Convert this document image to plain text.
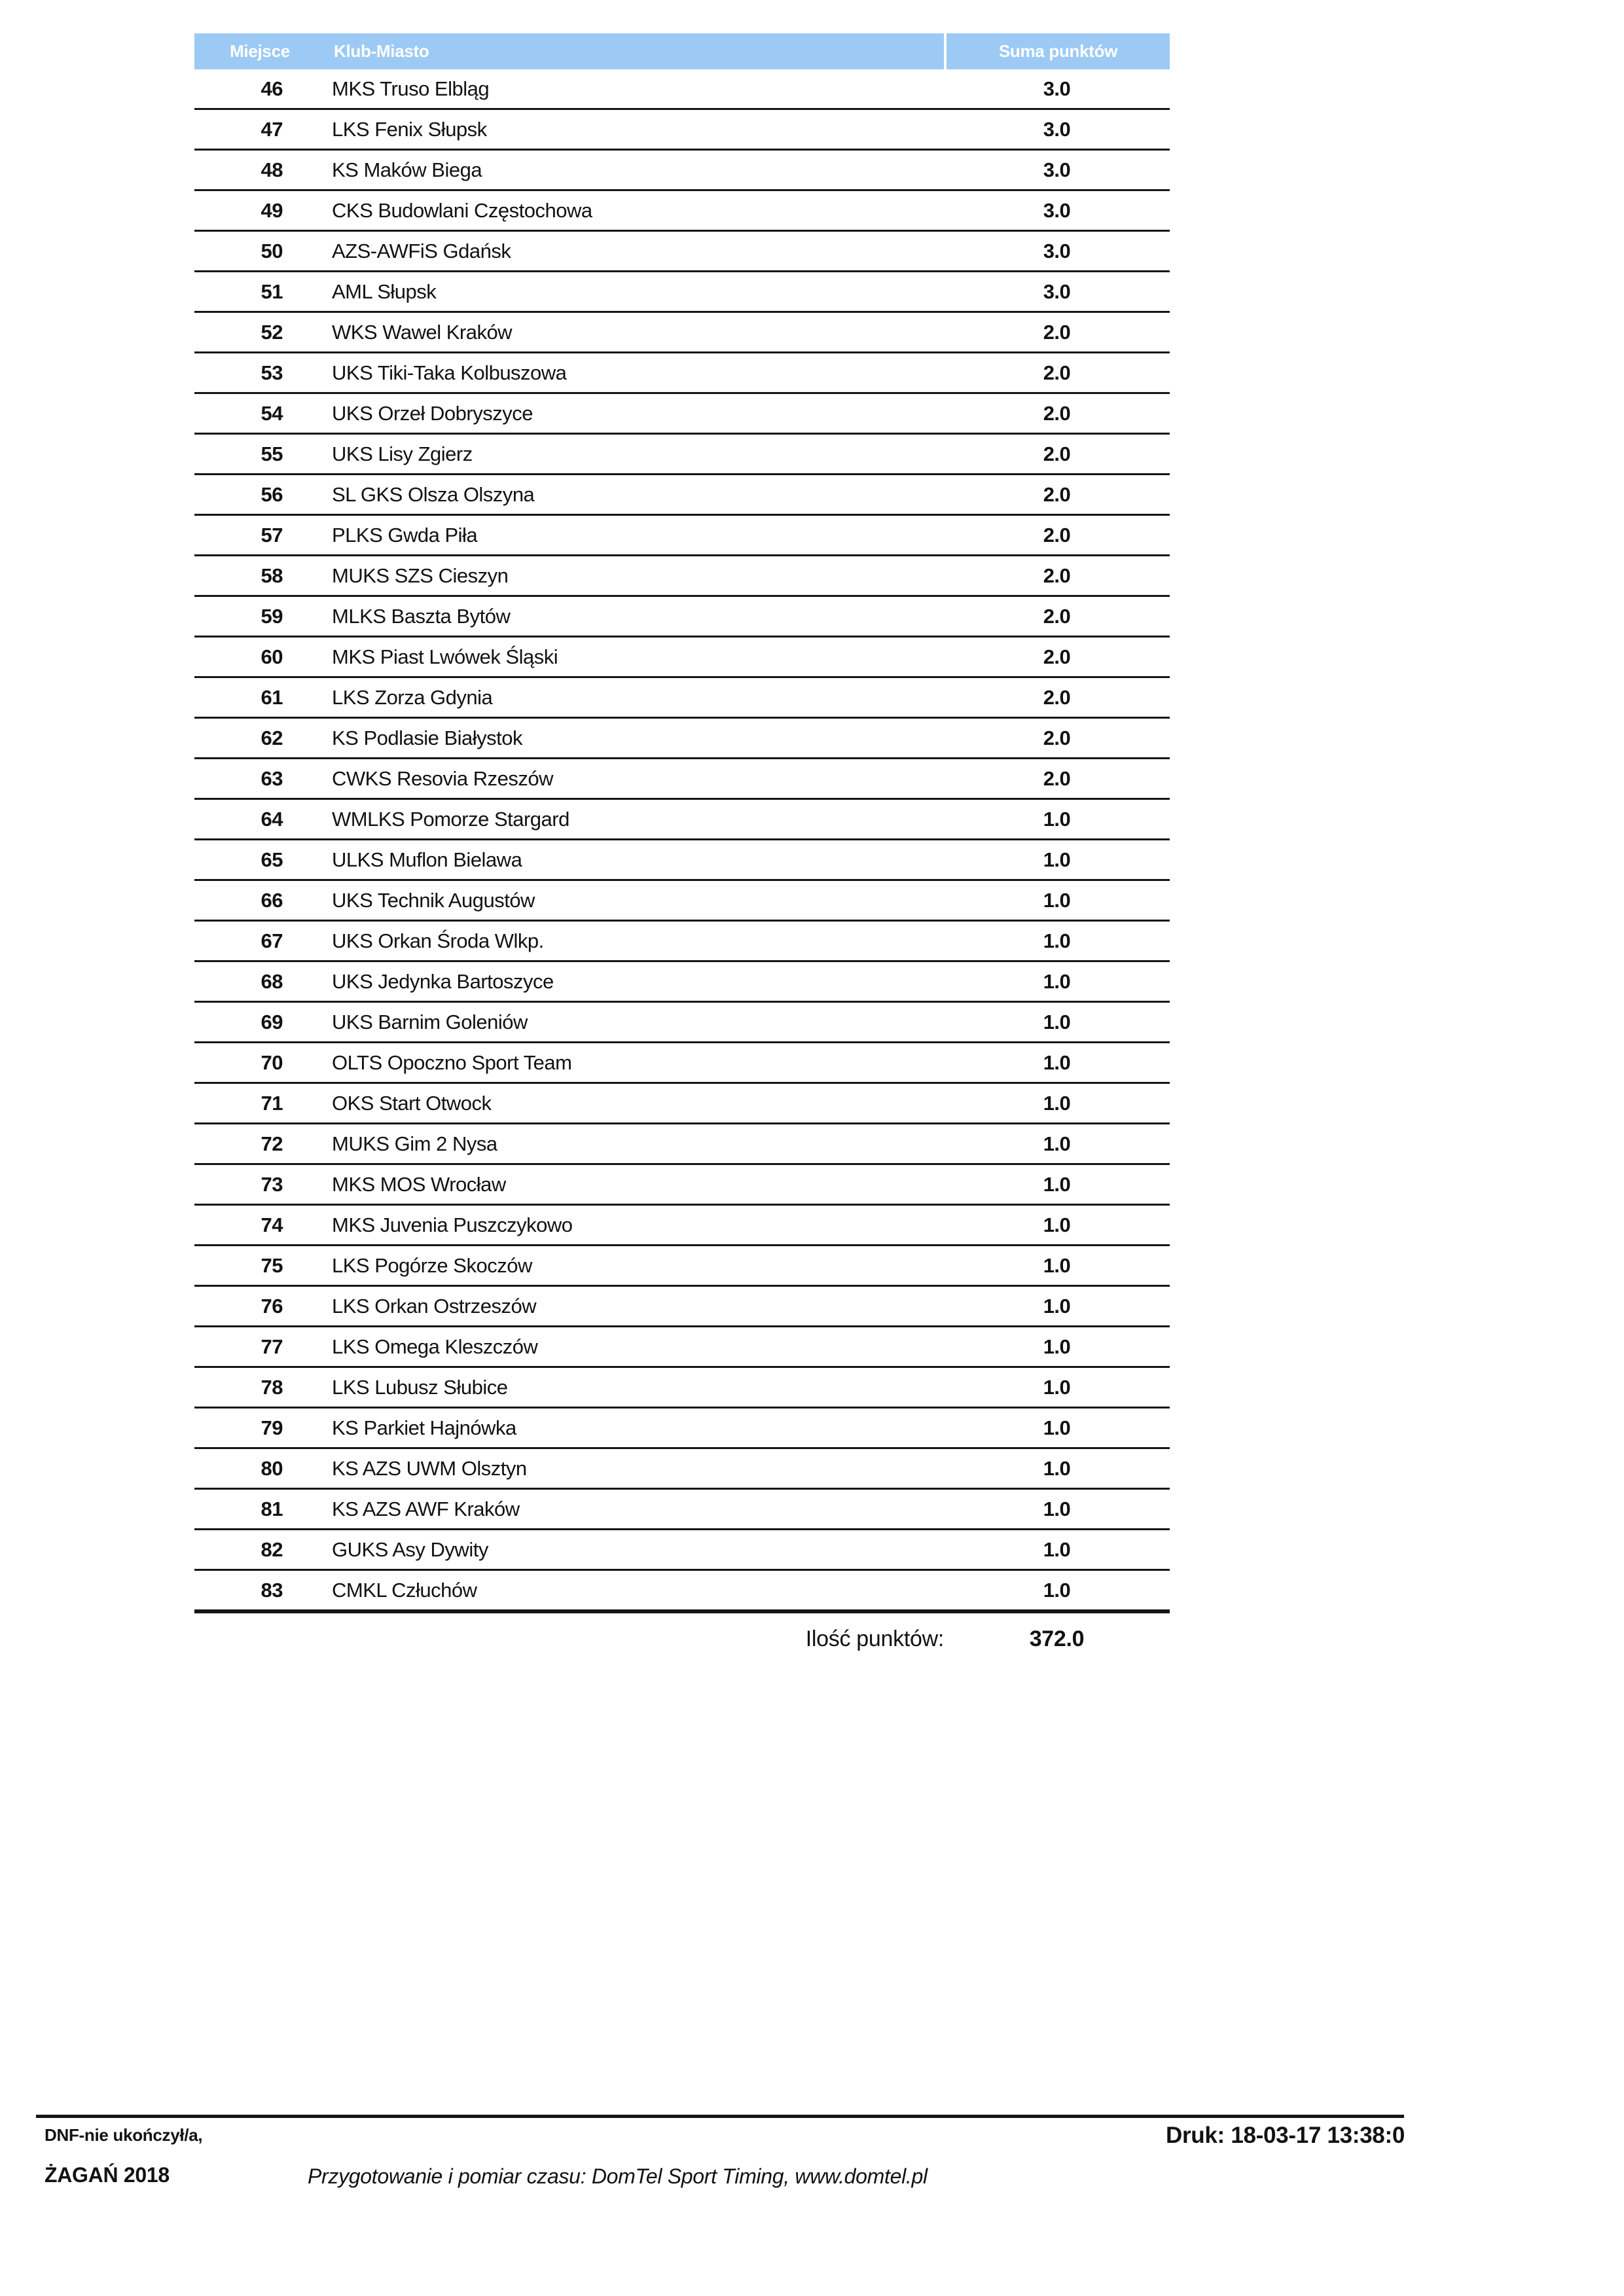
Miejsce	Klub-Miasto	Suma punktów
46	MKS Truso Elbląg	3.0
47	LKS Fenix Słupsk	3.0
48	KS Maków Biega	3.0
49	CKS Budowlani Częstochowa	3.0
50	AZS-AWFiS Gdańsk	3.0
51	AML Słupsk	3.0
52	WKS Wawel Kraków	2.0
53	UKS Tiki-Taka Kolbuszowa	2.0
54	UKS Orzeł Dobryszyce	2.0
55	UKS Lisy Zgierz	2.0
56	SL GKS Olsza Olszyna	2.0
57	PLKS Gwda Piła	2.0
58	MUKS SZS Cieszyn	2.0
59	MLKS Baszta Bytów	2.0
60	MKS Piast Lwówek Śląski	2.0
61	LKS Zorza Gdynia	2.0
62	KS Podlasie Białystok	2.0
63	CWKS Resovia Rzeszów	2.0
64	WMLKS Pomorze Stargard	1.0
65	ULKS Muflon Bielawa	1.0
66	UKS Technik Augustów	1.0
67	UKS Orkan Środa Wlkp.	1.0
68	UKS Jedynka Bartoszyce	1.0
69	UKS Barnim Goleniów	1.0
70	OLTS Opoczno Sport Team	1.0
71	OKS Start Otwock	1.0
72	MUKS Gim 2 Nysa	1.0
73	MKS MOS Wrocław	1.0
74	MKS Juvenia Puszczykowo	1.0
75	LKS Pogórze Skoczów	1.0
76	LKS Orkan Ostrzeszów	1.0
77	LKS Omega Kleszczów	1.0
78	LKS Lubusz Słubice	1.0
79	KS Parkiet Hajnówka	1.0
80	KS AZS UWM Olsztyn	1.0
81	KS AZS AWF Kraków	1.0
82	GUKS Asy Dywity	1.0
83	CMKL Człuchów	1.0
Ilość punktów:	372.0
DNF-nie ukończył/a,
ŻAGAŃ 2018	Przygotowanie i pomiar czasu: DomTel Sport Timing, www.domtel.pl
Druk: 18-03-17 13:38:0
